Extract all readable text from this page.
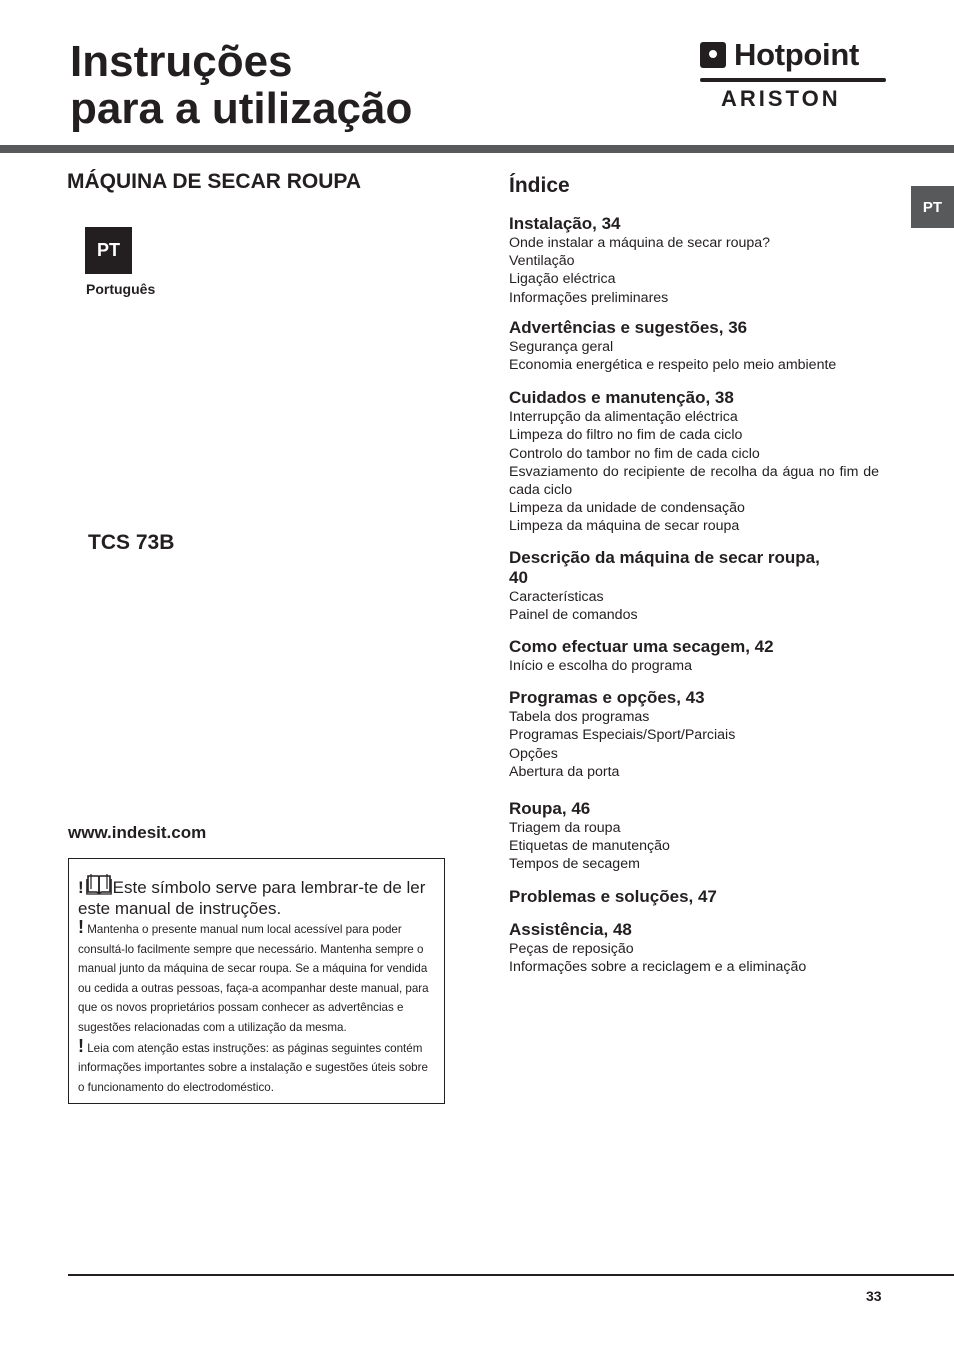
Instruções
para a utilização
Hotpoint
ARISTON
MÁQUINA DE SECAR ROUPA
PT
Português
TCS 73B
www.indesit.com

! Este símbolo serve para lembrar-te de ler este manual de instruções.

! Mantenha o presente manual num local acessível para poder consultá-lo facilmente sempre que necessário. Mantenha sempre o manual junto da máquina de secar roupa. Se a máquina for vendida ou cedida a outras pessoas, faça-a acompanhar deste manual, para que os novos proprietários possam conhecer as advertências e sugestões relacionadas com a utilização da mesma.

! Leia com atenção estas instruções: as páginas seguintes contém informações importantes sobre a instalação e sugestões úteis sobre o funcionamento do electrodoméstico.

Índice
Instalação, 34
Onde instalar a máquina de secar roupa?
Ventilação
Ligação eléctrica
Informações preliminares
Advertências e sugestões, 36
Segurança geral
Economia energética e respeito pelo meio ambiente
Cuidados e manutenção, 38
Interrupção da alimentação eléctrica
Limpeza do filtro no fim de cada ciclo
Controlo do tambor no fim de cada ciclo
Esvaziamento do recipiente de recolha da água no fim de cada ciclo
Limpeza da unidade de condensação
Limpeza da máquina de secar roupa
Descrição da máquina de secar roupa, 40
Características
Painel de comandos
Como efectuar uma secagem, 42
Início e escolha do programa
Programas e opções, 43
Tabela dos programas
Programas Especiais/Sport/Parciais
Opções
Abertura da porta
Roupa, 46
Triagem da roupa
Etiquetas de manutenção
Tempos de secagem
Problemas e soluções, 47
Assistência, 48
Peças de reposição
Informações sobre a reciclagem e a eliminação
PT
33
